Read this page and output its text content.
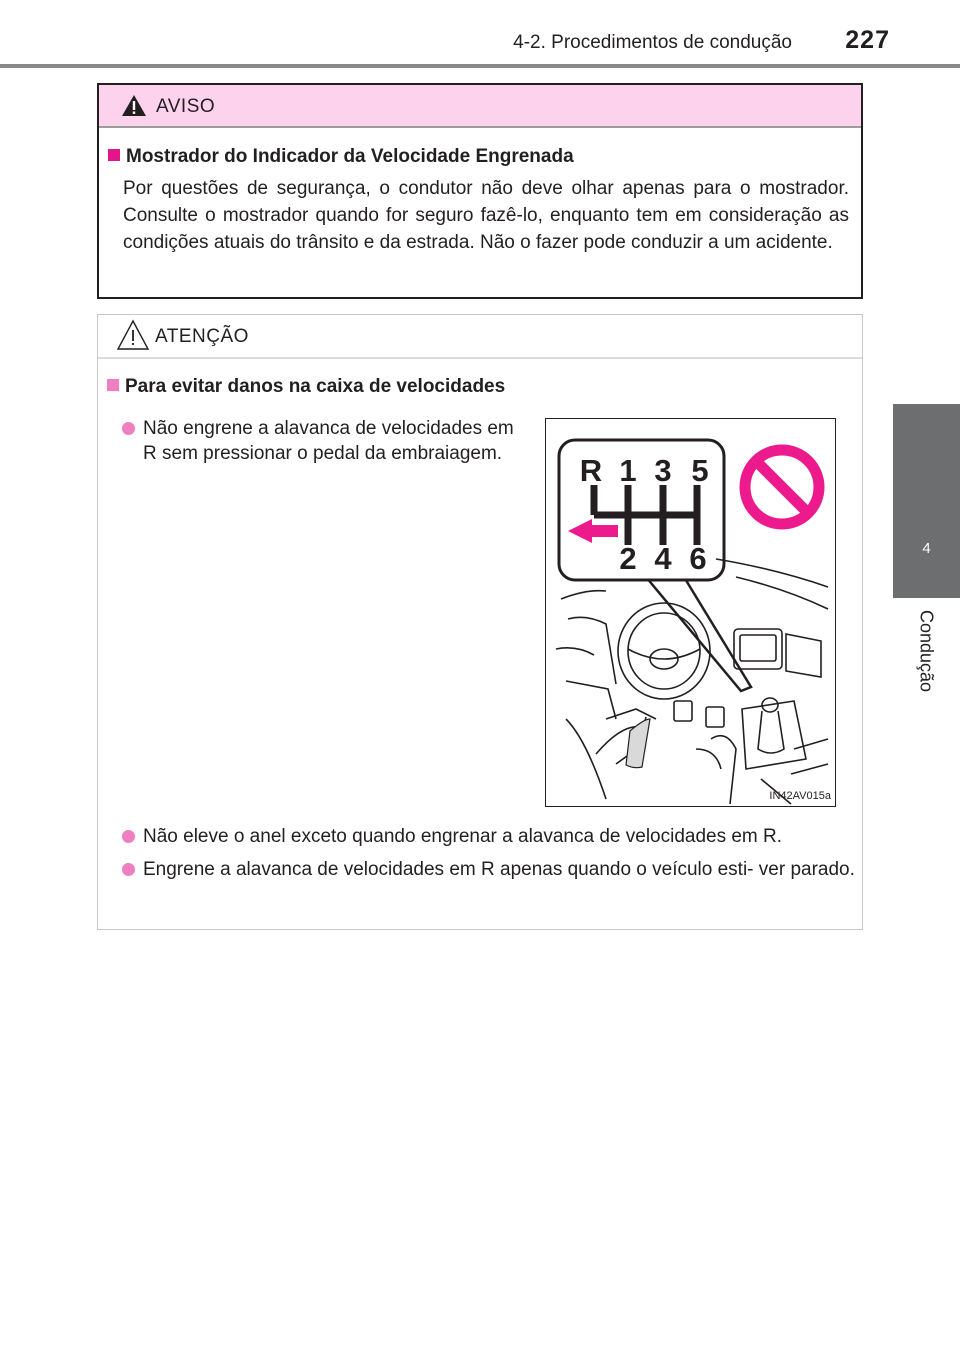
4-2. Procedimentos de condução 227
4
Condução
AVISO
Mostrador do Indicador da Velocidade Engrenada
Por questões de segurança, o condutor não deve olhar apenas para o mostrador. Consulte o mostrador quando for seguro fazê-lo, enquanto tem em consideração as condições atuais do trânsito e da estrada. Não o fazer pode conduzir a um acidente.
ATENÇÃO
Para evitar danos na caixa de velocidades
Não engrene a alavanca de velocidades em R sem pressionar o pedal da embraiagem.
Não eleve o anel exceto quando engrenar a alavanca de velocidades em R.
Engrene a alavanca de velocidades em R apenas quando o veículo esti- ver parado.
R 1 3 5
2 4 6
IN42AV015a
